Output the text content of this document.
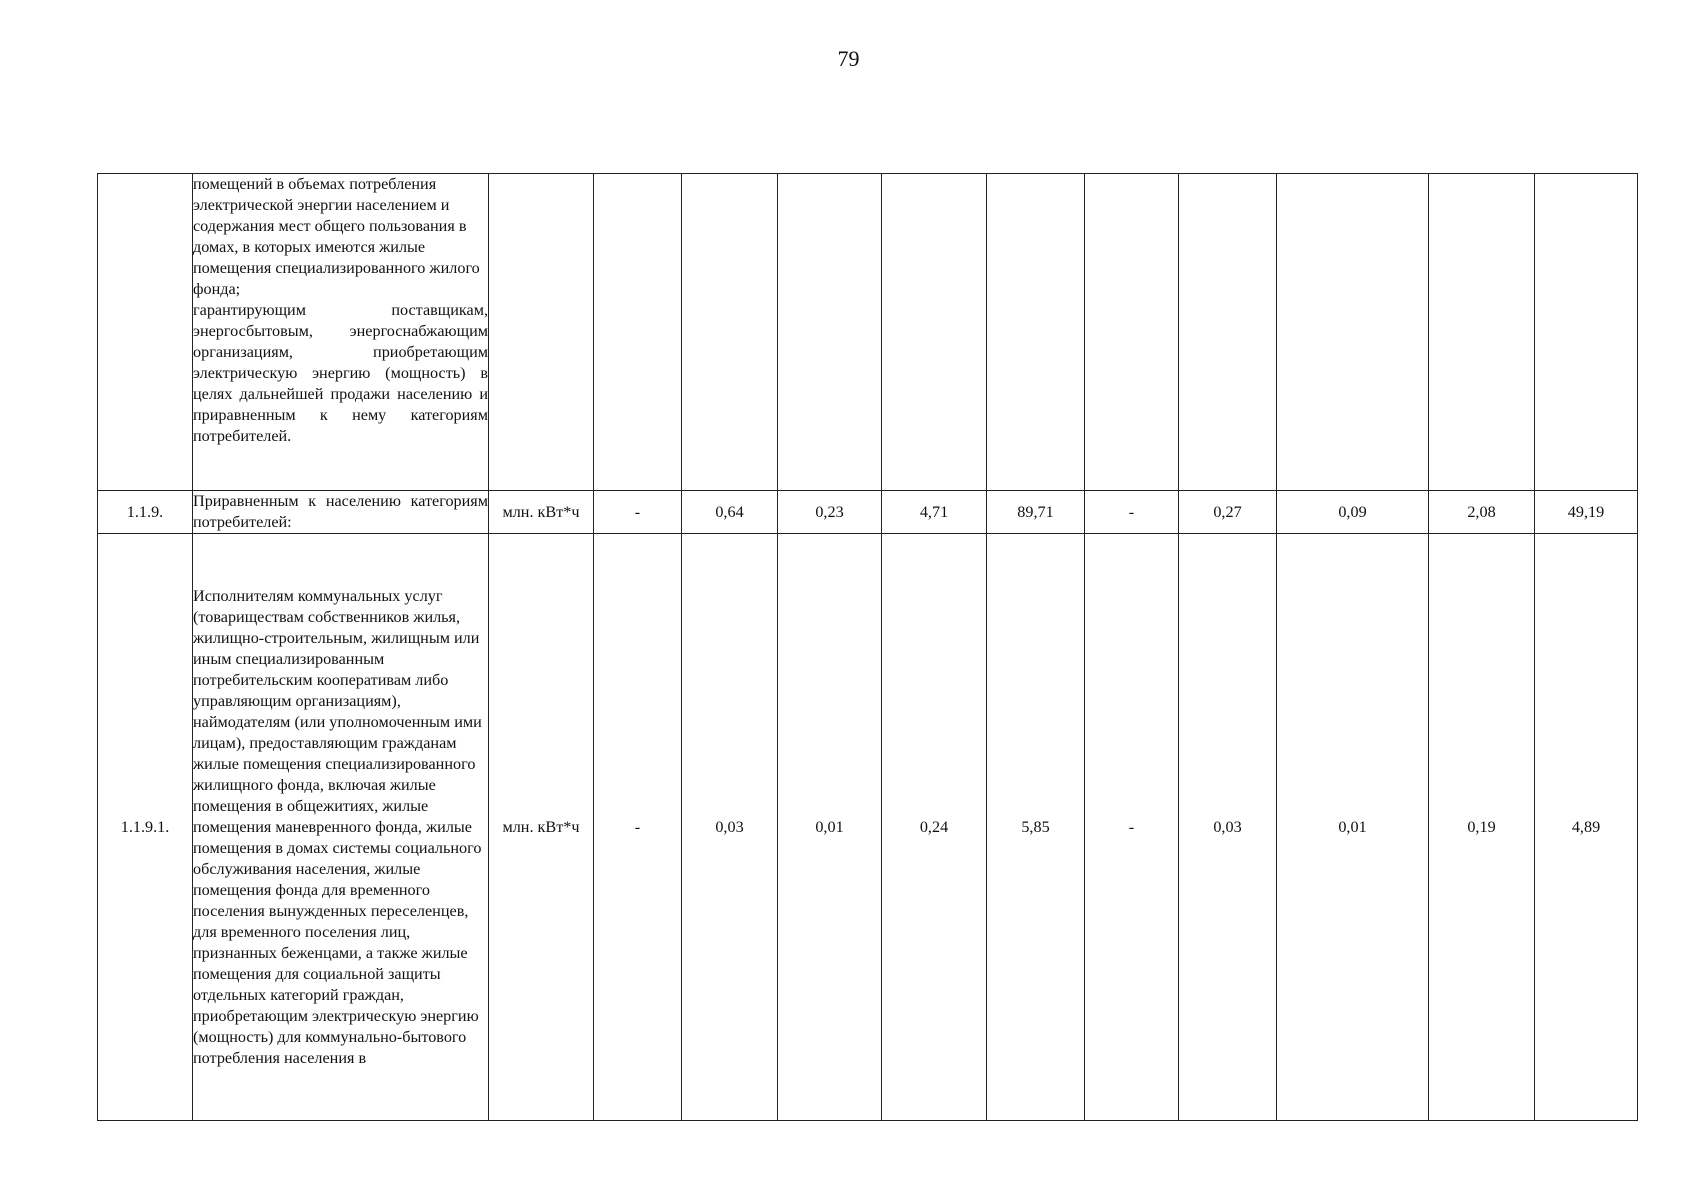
79

	помещений в объемах потребления электрической энергии населением и содержания мест общего пользования в домах, в которых имеются жилые помещения специализированного жилого фонда;
гарантирующим поставщикам, энергосбытовым, энергоснабжающим организациям, приобретающим электрическую энергию (мощность) в целях дальнейшей продажи населению и приравненным к нему категориям потребителей.											

1.1.9.	Приравненным к населению категориям потребителей:	млн. кВт*ч	-	0,64	0,23	4,71	89,71	-	0,27	0,09	2,08	49,19
1.1.9.1.	Исполнителям коммунальных услуг (товариществам собственников жилья, жилищно-строительным, жилищным или иным специализированным потребительским кооперативам либо управляющим организациям), наймодателям (или уполномоченным ими лицам), предоставляющим гражданам жилые помещения специализированного жилищного фонда, включая жилые помещения в общежитиях, жилые помещения маневренного фонда, жилые помещения в домах системы социального обслуживания населения, жилые помещения фонда для временного поселения вынужденных переселенцев, для временного поселения лиц, признанных беженцами, а также жилые помещения для социальной защиты отдельных категорий граждан, приобретающим электрическую энергию (мощность) для коммунально-бытового потребления населения в	млн. кВт*ч	-	0,03	0,01	0,24	5,85	-	0,03	0,01	0,19	4,89
